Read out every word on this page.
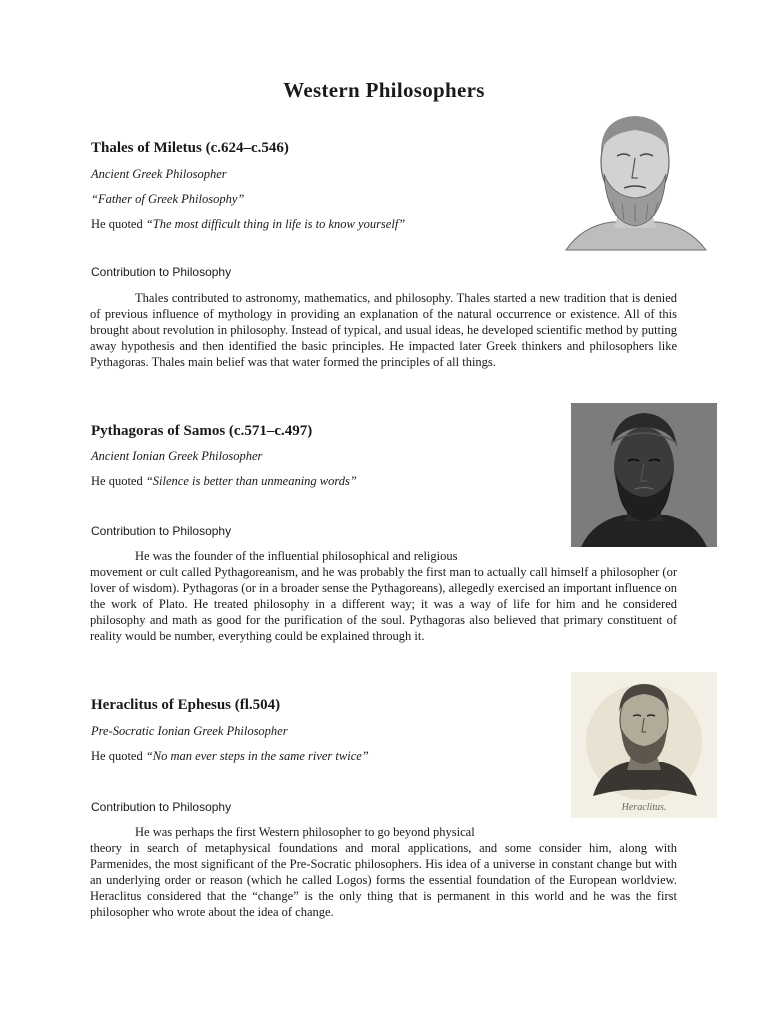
Western Philosophers
Thales of Miletus (c.624–c.546)
Ancient Greek Philosopher
“Father of Greek Philosophy”
He quoted “The most difficult thing in life is to know yourself”
Contribution to Philosophy
Thales contributed to astronomy, mathematics, and philosophy. Thales started a new tradition that is denied of previous influence of mythology in providing an explanation of the natural occurrence or existence. All of this brought about revolution in philosophy. Instead of typical, and usual ideas, he developed scientific method by putting away hypothesis and then identified the basic principles. He impacted later Greek thinkers and philosophers like Pythagoras. Thales main belief was that water formed the principles of all things.
Pythagoras of Samos (c.571–c.497)
Ancient Ionian Greek Philosopher
He quoted “Silence is better than unmeaning words”
Contribution to Philosophy
He was the founder of the influential philosophical and religious
movement or cult called Pythagoreanism, and he was probably the first man to actually call himself a philosopher (or lover of wisdom). Pythagoras (or in a broader sense the Pythagoreans), allegedly exercised an important influence on the work of Plato. He treated philosophy in a different way; it was a way of life for him and he considered philosophy and math as good for the purification of the soul. Pythagoras also believed that primary constituent of reality would be number, everything could be explained through it.
Heraclitus.
Heraclitus of Ephesus (fl.504)
Pre-Socratic Ionian Greek Philosopher
He quoted “No man ever steps in the same river twice”
Contribution to Philosophy
He was perhaps the first Western philosopher to go beyond physical
theory in search of metaphysical foundations and moral applications, and some consider him, along with Parmenides, the most significant of the Pre-Socratic philosophers. His idea of a universe in constant change but with an underlying order or reason (which he called Logos) forms the essential foundation of the European worldview. Heraclitus considered that the “change” is the only thing that is permanent in this world and he was the first philosopher who wrote about the idea of change.
